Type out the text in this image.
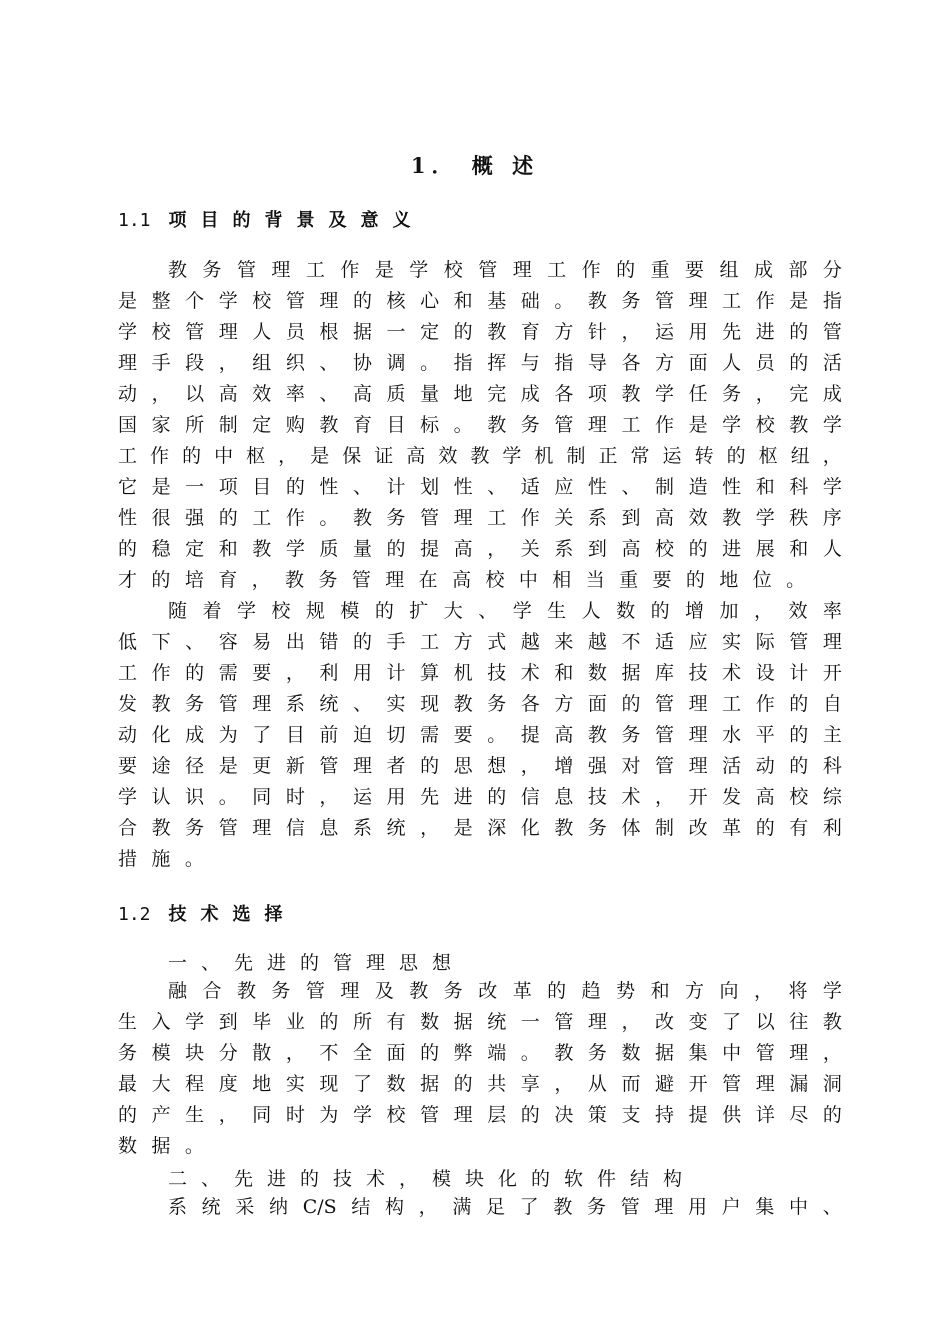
1． 概 述
1.1 项目的背景及意义
教 务 管 理 工 作 是 学 校 管 理 工 作 的 重 要 组 成 部 分
是 整 个 学 校 管 理 的 核 心 和 基 础 。 教 务 管 理 工 作 是 指
学 校 管 理 人 员 根 据 一 定 的 教 育 方 针 ， 运 用 先 进 的 管
理 手 段 ， 组 织 、 协 调 。 指 挥 与 指 导 各 方 面 人 员 的 活
动 ， 以 高 效 率 、 高 质 量 地 完 成 各 项 教 学 任 务 ， 完 成
国 家 所 制 定 购 教 育 目 标 。 教 务 管 理 工 作 是 学 校 教 学
工 作 的 中 枢 ， 是 保 证 高 效 教 学 机 制 正 常 运 转 的 枢 纽 ，
它 是 一 项 目 的 性 、 计 划 性 、 适 应 性 、 制 造 性 和 科 学
性 很 强 的 工 作 。 教 务 管 理 工 作 关 系 到 高 效 教 学 秩 序
的 稳 定 和 教 学 质 量 的 提 高 ， 关 系 到 高 校 的 进 展 和 人
才 的 培 育 ， 教 务 管 理 在 高 校 中 相 当 重 要 的 地 位 。
随 着 学 校 规 模 的 扩 大 、 学 生 人 数 的 增 加 ， 效 率
低 下 、 容 易 出 错 的 手 工 方 式 越 来 越 不 适 应 实 际 管 理
工 作 的 需 要 ， 利 用 计 算 机 技 术 和 数 据 库 技 术 设 计 开
发 教 务 管 理 系 统 、 实 现 教 务 各 方 面 的 管 理 工 作 的 自
动 化 成 为 了 目 前 迫 切 需 要 。 提 高 教 务 管 理 水 平 的 主
要 途 径 是 更 新 管 理 者 的 思 想 ， 增 强 对 管 理 活 动 的 科
学 认 识 。 同 时 ， 运 用 先 进 的 信 息 技 术 ， 开 发 高 校 综
合 教 务 管 理 信 息 系 统 ， 是 深 化 教 务 体 制 改 革 的 有 利
措 施 。
1.2 技术选择
一、先进的管理思想
融 合 教 务 管 理 及 教 务 改 革 的 趋 势 和 方 向 ， 将 学
生 入 学 到 毕 业 的 所 有 数 据 统 一 管 理 ， 改 变 了 以 往 教
务 模 块 分 散 ， 不 全 面 的 弊 端 。 教 务 数 据 集 中 管 理 ，
最 大 程 度 地 实 现 了 数 据 的 共 享 ， 从 而 避 开 管 理 漏 洞
的 产 生 ， 同 时 为 学 校 管 理 层 的 决 策 支 持 提 供 详 尽 的
数 据 。
二、先进的技术，模块化的软件结构
系 统 采 纳 C/S 结 构 ， 满 足 了 教 务 管 理 用 户 集 中 、
